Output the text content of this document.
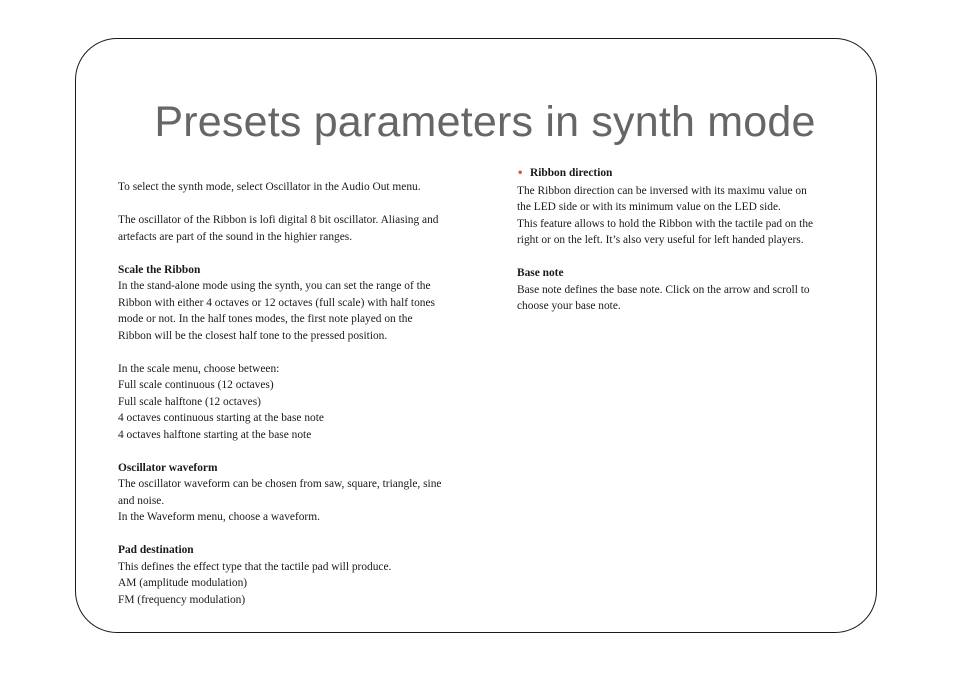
Presets parameters in synth mode

To select the synth mode, select Oscillator in the Audio Out menu.

The oscillator of the Ribbon is lofi digital 8 bit oscillator. Aliasing and

artefacts are part of the sound in the highier ranges.

Scale the Ribbon

In the stand-alone mode using the synth, you can set the range of the

Ribbon with either 4 octaves or 12 octaves (full scale) with half tones

mode or not. In the half tones modes, the first note played on the

Ribbon will be the closest half tone to the pressed position.

In the scale menu, choose between:

Full scale continuous (12 octaves)

Full scale halftone (12 octaves)

4 octaves continuous starting at the base note

4 octaves halftone starting at the base note

Oscillator waveform

The oscillator waveform can be chosen from saw, square, triangle, sine

and noise.

In the Waveform menu, choose a waveform.

Pad destination

This defines the effect type that the tactile pad will produce.

AM (amplitude modulation)

FM (frequency modulation)

• Ribbon direction

The Ribbon direction can be inversed with its maximu value on

the LED side or with its minimum value on the LED side.

This feature allows to hold the Ribbon with the tactile pad on the

right or on the left. It’s also very useful for left handed players.

Base note

Base note defines the base note. Click on the arrow and scroll to

choose your base note.
